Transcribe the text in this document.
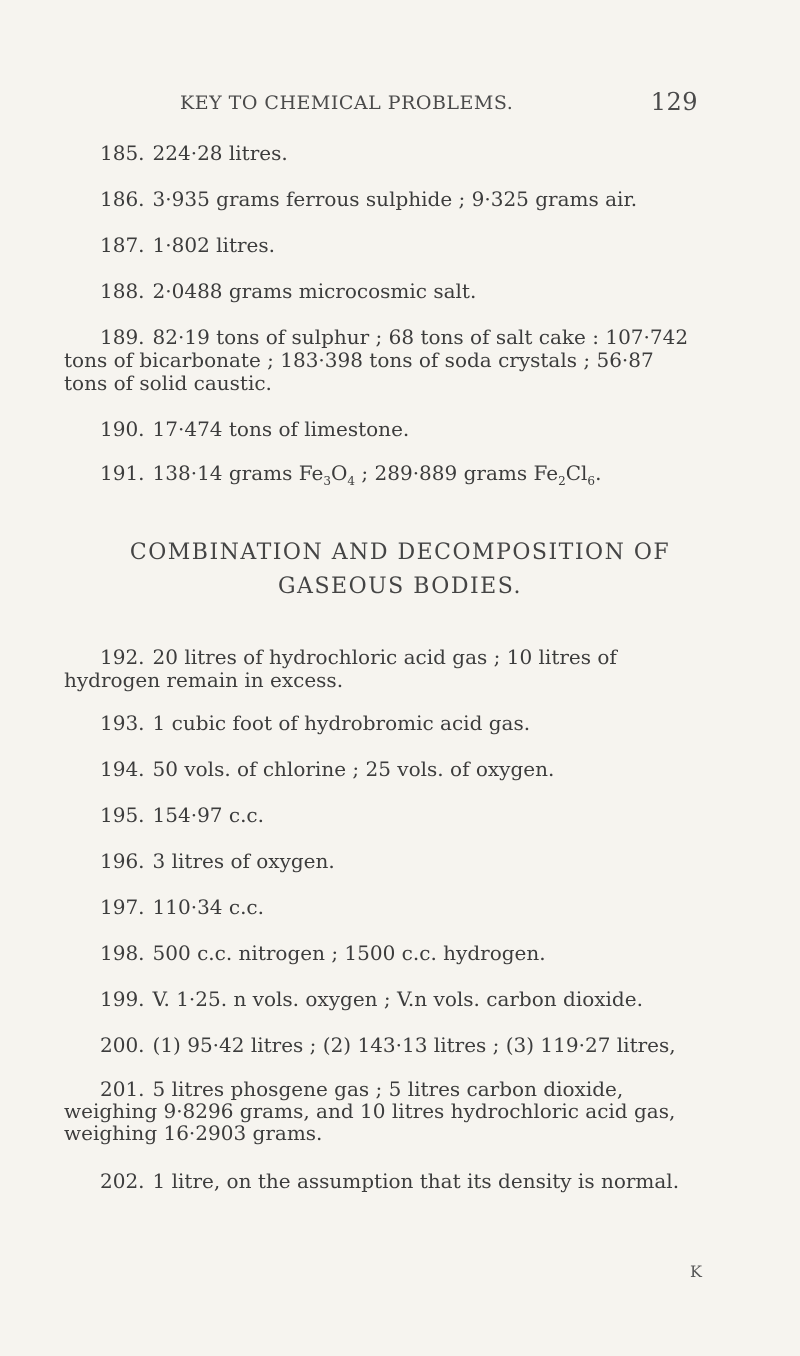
KEY TO CHEMICAL PROBLEMS.	129
185. 224·28 litres.
186. 3·935 grams ferrous sulphide ; 9·325 grams air.
187. 1·802 litres.
188. 2·0488 grams microcosmic salt.
189. 82·19 tons of sulphur ; 68 tons of salt cake : 107·742 tons of bicarbonate ; 183·398 tons of soda crystals ; 56·87 tons of solid caustic.
190. 17·474 tons of limestone.
191. 138·14 grams $Fe_3O_4$ ; 289·889 grams $Fe_2Cl_6$.
COMBINATION AND DECOMPOSITION OF
GASEOUS BODIES.
192. 20 litres of hydrochloric acid gas ; 10 litres of hydrogen remain in excess.
193. 1 cubic foot of hydrobromic acid gas.
194. 50 vols. of chlorine ; 25 vols. of oxygen.
195. 154·97 c.c.
196. 3 litres of oxygen.
197. 110·34 c.c.
198. 500 c.c. nitrogen ; 1500 c.c. hydrogen.
199. V. 1·25. n vols. oxygen ; V.n vols. carbon dioxide.
200. (1) 95·42 litres ; (2) 143·13 litres ; (3) 119·27 litres,
201. 5 litres phosgene gas ; 5 litres carbon dioxide, weighing 9·8296 grams, and 10 litres hydrochloric acid gas, weighing 16·2903 grams.
202. 1 litre, on the assumption that its density is normal.
K
